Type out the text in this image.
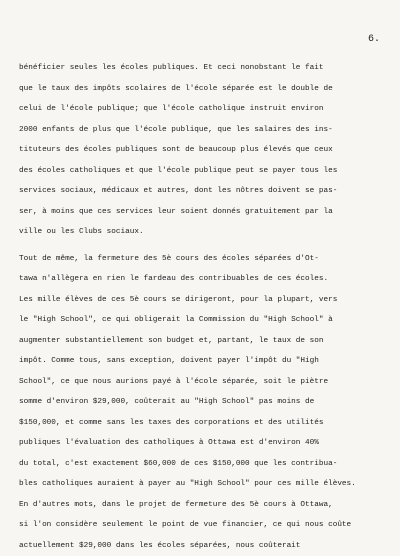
6.
bénéficier seules les écoles publiques. Et ceci nonobstant le fait
que le taux des impôts scolaires de l'école séparée est le double de
celui de l'école publique; que l'école catholique instruit environ
2000 enfants de plus que l'école publique, que les salaires des ins-
tituteurs des écoles publiques sont de beaucoup plus élevés que ceux
des écoles catholiques et que l'école publique peut se payer tous les
services sociaux, médicaux et autres, dont les nôtres doivent se pas-
ser, à moins que ces services leur soient donnés gratuitement par la
ville ou les Clubs sociaux.
Tout de même, la fermeture des 5è cours des écoles séparées d'Ot-
tawa n'allègera en rien le fardeau des contribuables de ces écoles.
Les mille élèves de ces 5è cours se dirigeront, pour la plupart, vers
le "High School", ce qui obligerait la Commission du "High School" à
augmenter substantiellement son budget et, partant, le taux de son
impôt. Comme tous, sans exception, doivent payer l'impôt du "High
School", ce que nous aurions payé à l'école séparée, soit le piètre
somme d'environ $29,000, coûterait au "High School" pas moins de
$150,000, et comme sans les taxes des corporations et des utilités
publiques l'évaluation des catholiques à Ottawa est d'environ 40%
du total, c'est exactement $60,000 de ces $150,000 que les contribua-
bles catholiques auraient à payer au "High School" pour ces mille élèves.
En d'autres mots, dans le projet de fermeture des 5è cours à Ottawa,
si l'on considère seulement le point de vue financier, ce qui nous coûte
actuellement $29,000 dans les écoles séparées, nous coûterait
